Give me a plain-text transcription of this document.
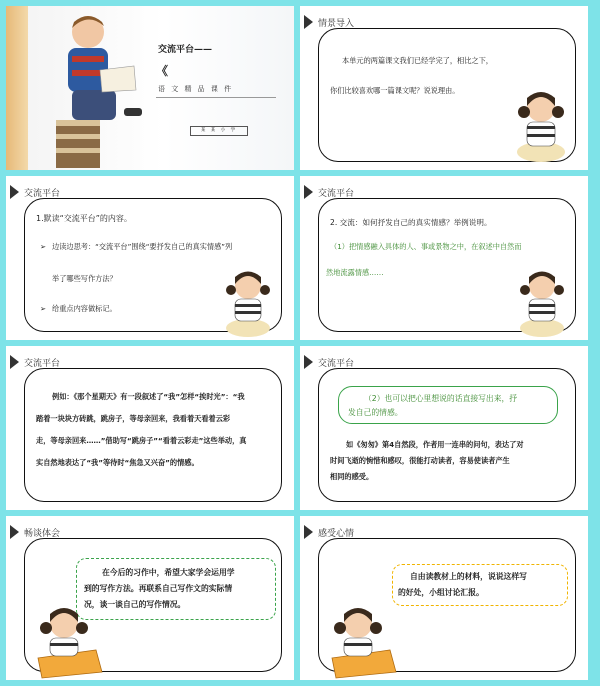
交流平台——
《
语 文 精 品 课 件
某 某 小 学
情景导入
本单元的两篇课文我们已经学完了，相比之下，
你们比较喜欢哪一篇课文呢？说说理由。
交流平台
1.默读“交流平台”的内容。
➢ 边读边思考：“交流平台”围绕“要抒发自己的真实情感”列
举了哪些写作方法？
➢ 给重点内容做标记。
交流平台
2. 交流：如何抒发自己的真实情感？举例说明。
（1）把情感融入具体的人、事或景物之中，在叙述中自然而
然地流露情感……
交流平台
例如：《那个星期天》有一段叙述了“我”怎样“挨时光”：“我
踏着一块块方砖跳，跳房子，等母亲回来，我看着天看着云彩
走，等母亲回来……”借助写“跳房子”“看着云彩走”这些举动，真
实自然地表达了“我”等待时“焦急又兴奋”的情感。
交流平台
（2）也可以把心里想说的话直接写出来，抒
发自己的情感。
如《匆匆》第4自然段，作者用一连串的问句，表达了对
时间飞逝的惋惜和感叹，很能打动读者，容易使读者产生
相同的感受。
畅谈体会
在今后的习作中，希望大家学会运用学
到的写作方法。再联系自己写作文的实际情
况，谈一谈自己的写作情况。
感受心情
自由读教材上的材料，说说这样写
的好处，小组讨论汇报。
